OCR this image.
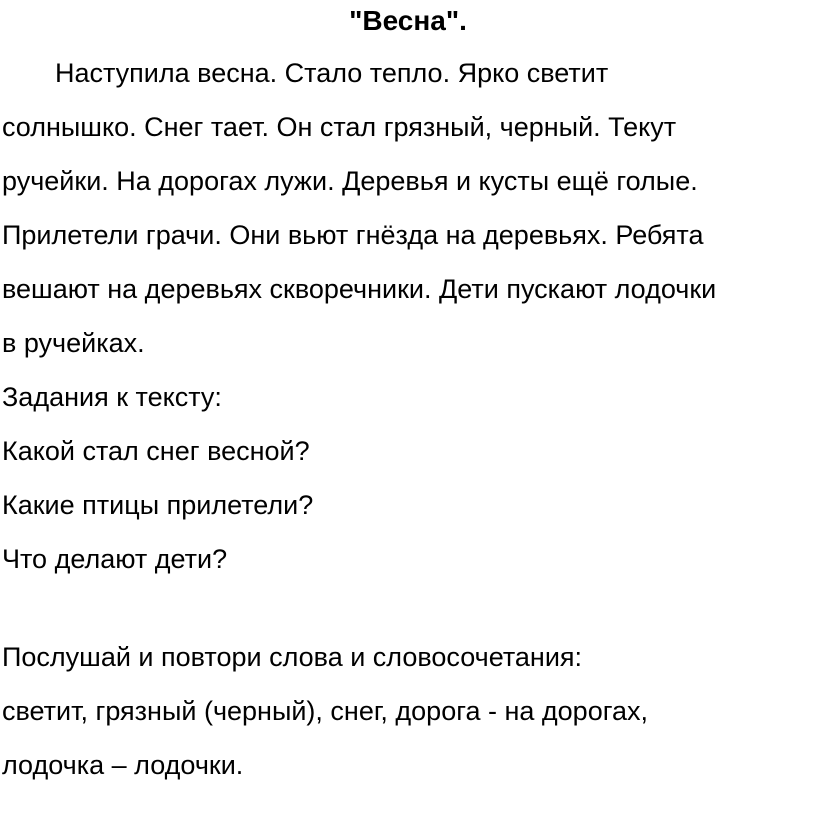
"Весна".
Наступила весна. Стало тепло. Ярко светит
солнышко. Снег тает. Он стал грязный, черный. Текут
ручейки. На дорогах лужи. Деревья и кусты ещё голые.
Прилетели грачи. Они вьют гнёзда на деревьях. Ребята
вешают на деревьях скворечники. Дети пускают лодочки
в ручейках.
Задания к тексту:
Какой стал снег весной?
Какие птицы прилетели?
Что делают дети?
Послушай и повтори слова и словосочетания:
светит, грязный (черный), снег, дорога - на дорогах,
лодочка – лодочки.
